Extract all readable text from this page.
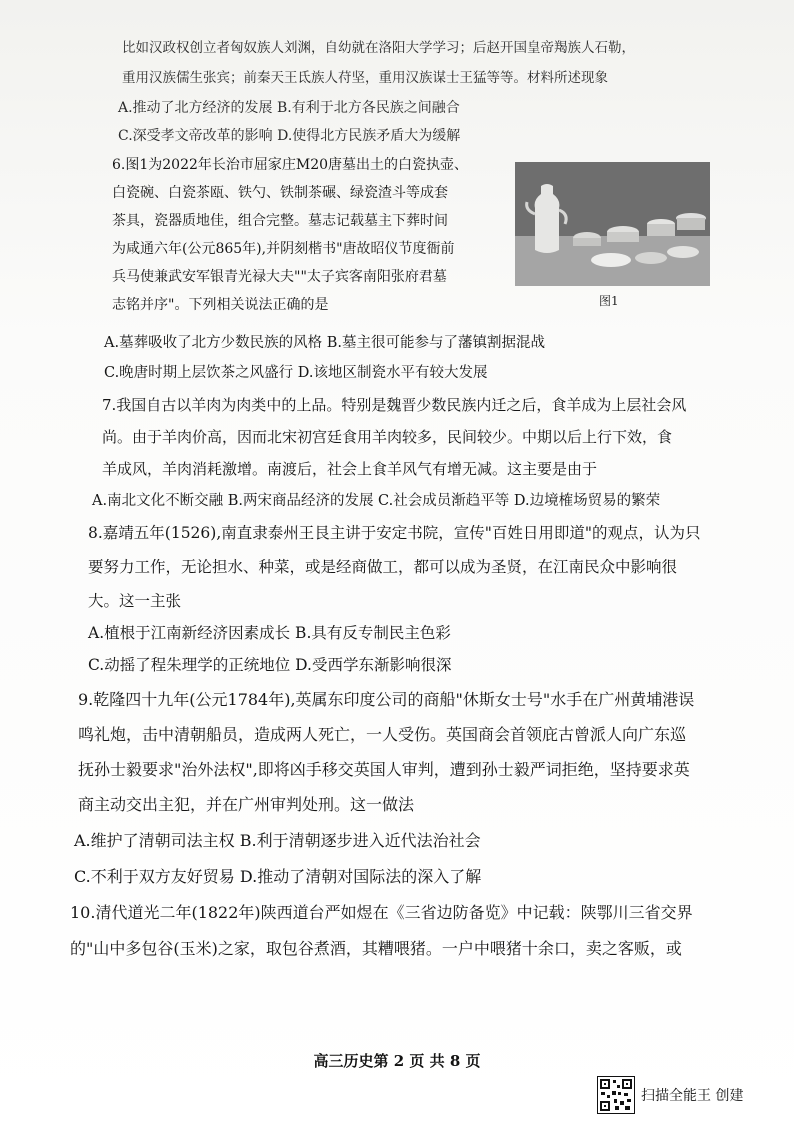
比如汉政权创立者匈奴族人刘渊，自幼就在洛阳大学学习；后赵开国皇帝羯族人石勒，
重用汉族儒生张宾；前秦天王氐族人苻坚，重用汉族谋士王猛等等。材料所述现象
A.推动了北方经济的发展 B.有利于北方各民族之间融合
C.深受孝文帝改革的影响 D.使得北方民族矛盾大为缓解
6.图1为2022年长治市屈家庄M20唐墓出土的白瓷执壶、
白瓷碗、白瓷茶瓯、铁勺、铁制茶碾、绿瓷渣斗等成套
茶具，瓷器质地佳，组合完整。墓志记载墓主下葬时间
为咸通六年(公元865年),并阴刻楷书"唐故昭仪节度衙前
兵马使兼武安军银青光禄大夫""太子宾客南阳张府君墓
志铭并序"。下列相关说法正确的是	图1
A.墓葬吸收了北方少数民族的风格 B.墓主很可能参与了藩镇割据混战
C.晚唐时期上层饮茶之风盛行 D.该地区制瓷水平有较大发展
7.我国自古以羊肉为肉类中的上品。特别是魏晋少数民族内迁之后，食羊成为上层社会风
尚。由于羊肉价高，因而北宋初宫廷食用羊肉较多，民间较少。中期以后上行下效，食
羊成风，羊肉消耗激增。南渡后，社会上食羊风气有增无减。这主要是由于
A.南北文化不断交融 B.两宋商品经济的发展 C.社会成员渐趋平等 D.边境榷场贸易的繁荣
8.嘉靖五年(1526),南直隶泰州王艮主讲于安定书院，宣传"百姓日用即道"的观点，认为只
要努力工作，无论担水、种菜，或是经商做工，都可以成为圣贤，在江南民众中影响很
大。这一主张
A.植根于江南新经济因素成长 B.具有反专制民主色彩
C.动摇了程朱理学的正统地位 D.受西学东渐影响很深
9.乾隆四十九年(公元1784年),英属东印度公司的商船"休斯女士号"水手在广州黄埔港误
鸣礼炮，击中清朝船员，造成两人死亡，一人受伤。英国商会首领庇古曾派人向广东巡
抚孙士毅要求"治外法权",即将凶手移交英国人审判，遭到孙士毅严词拒绝，坚持要求英
商主动交出主犯，并在广州审判处刑。这一做法
A.维护了清朝司法主权 B.利于清朝逐步进入近代法治社会
C.不利于双方友好贸易 D.推动了清朝对国际法的深入了解
10.清代道光二年(1822年)陕西道台严如煜在《三省边防备览》中记载：陕鄂川三省交界
的"山中多包谷(玉米)之家，取包谷煮酒，其糟喂猪。一户中喂猪十余口，卖之客贩，或
高三历史第 2 页 共 8 页
扫描全能王 创建
